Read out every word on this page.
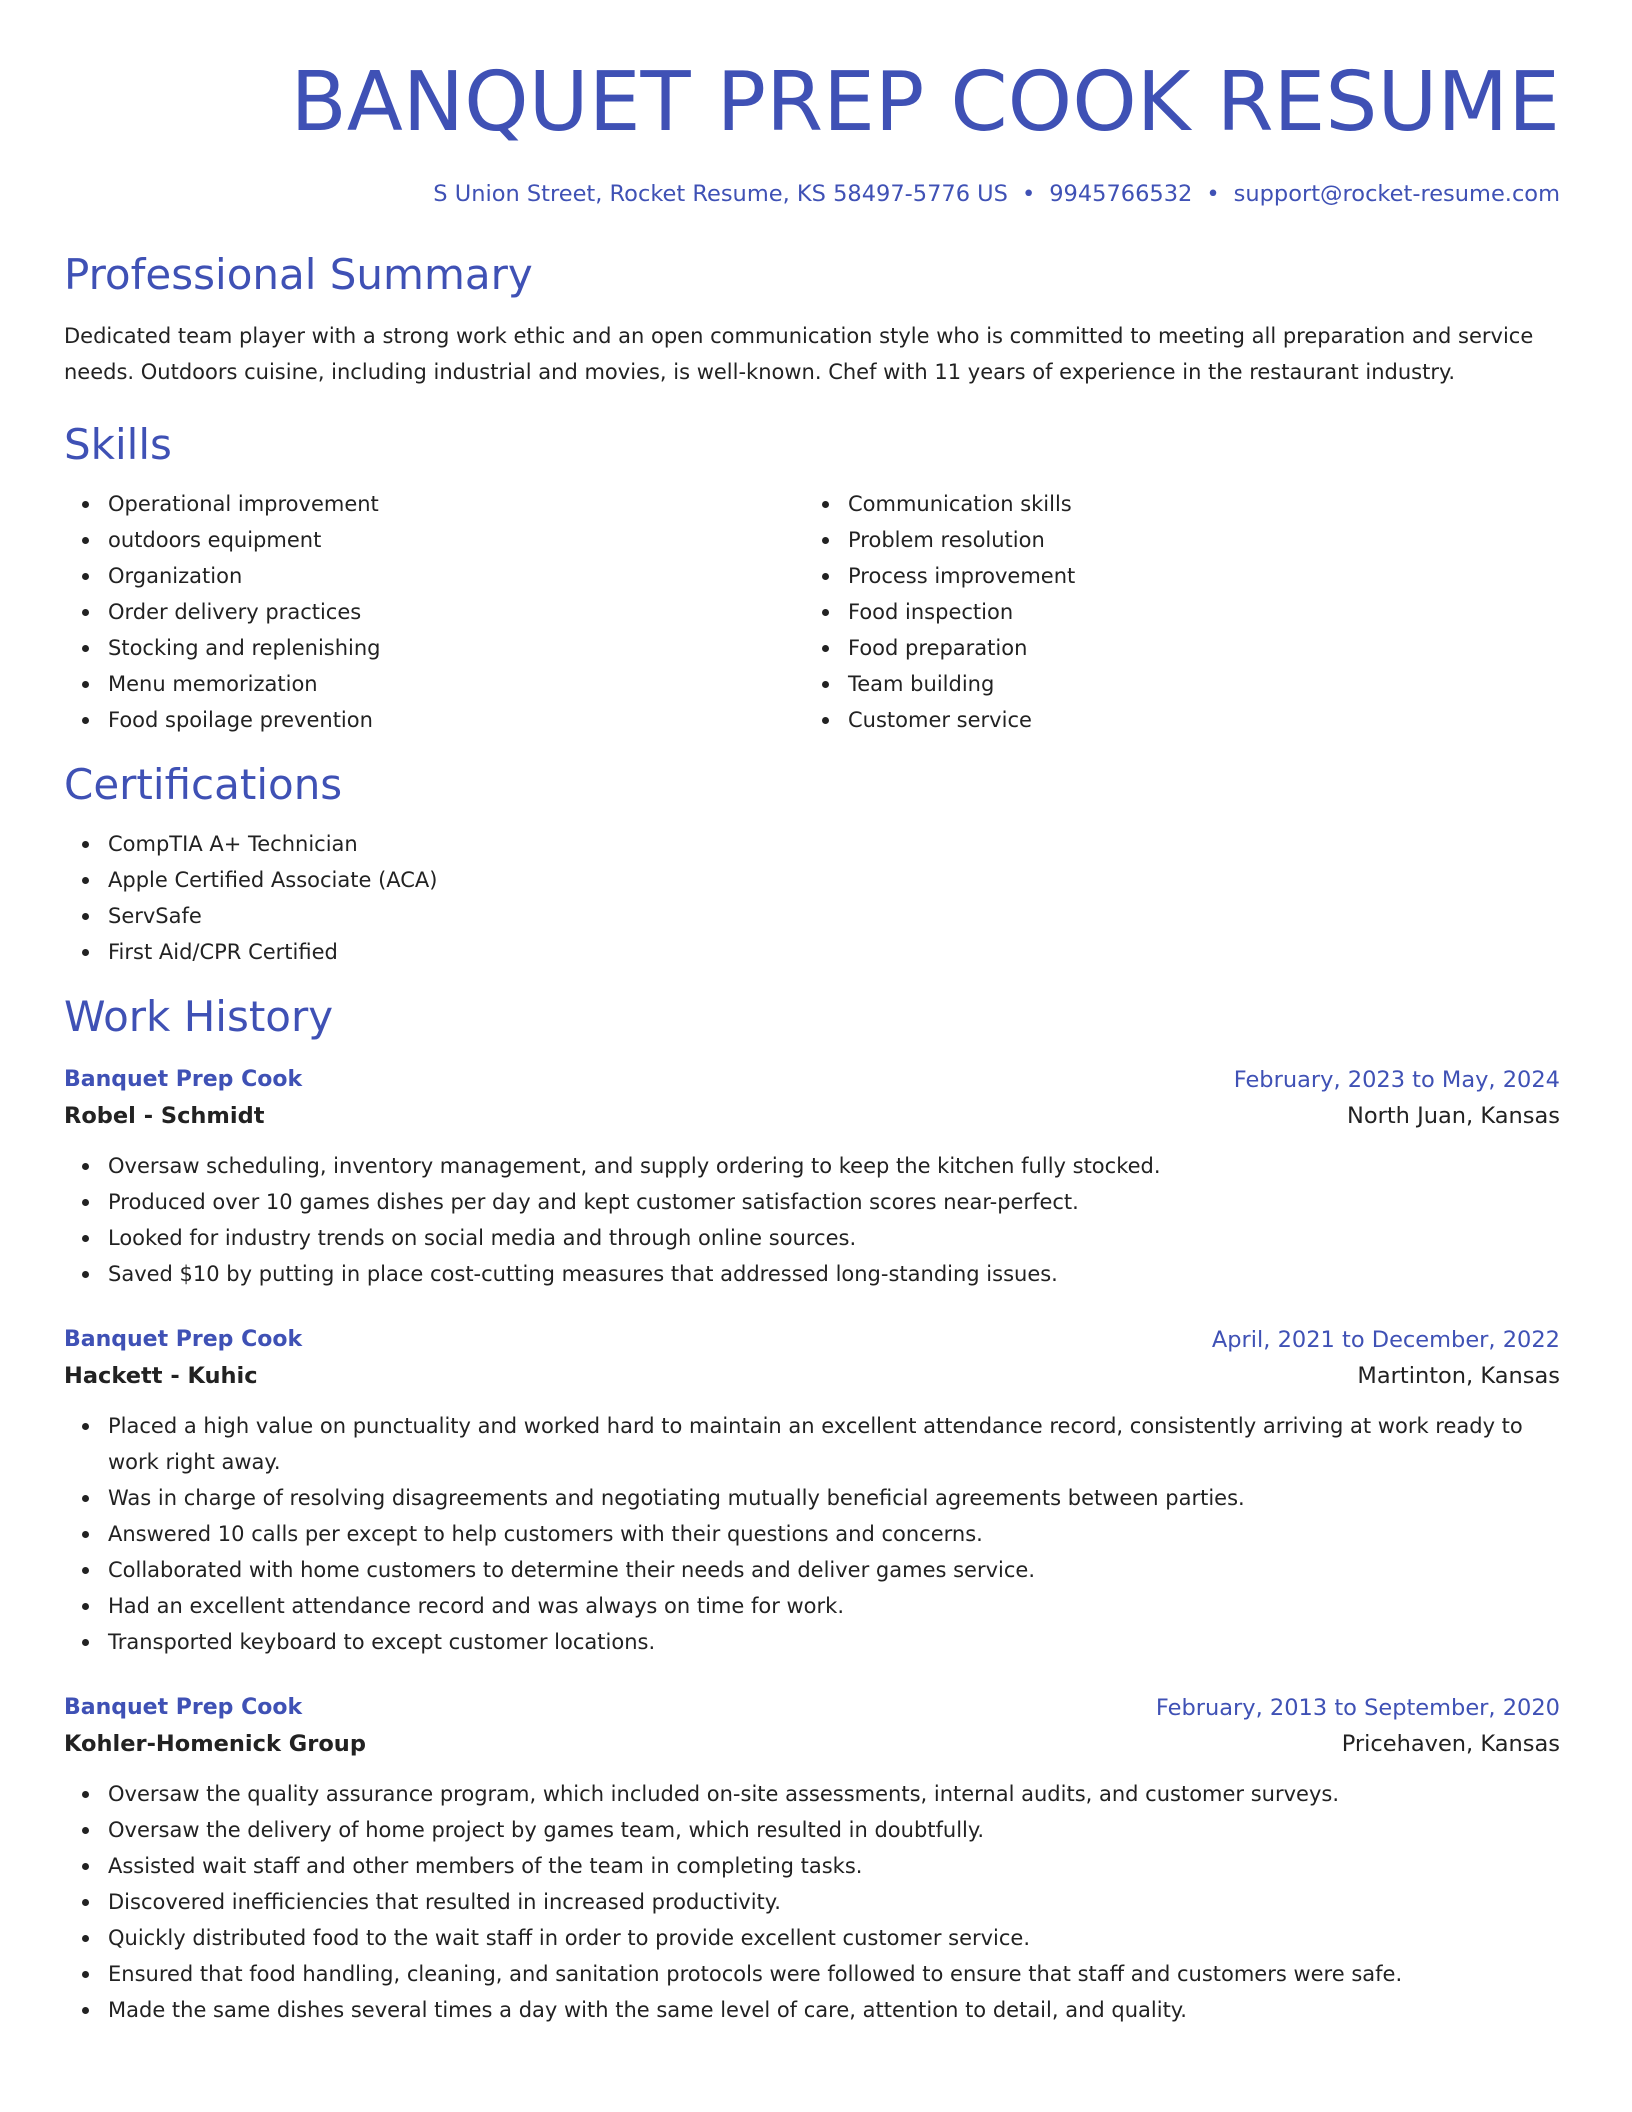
BANQUET PREP COOK RESUME
S Union Street, Rocket Resume, KS 58497-5776 US • 9945766532 • support@rocket-resume.com
Professional Summary

Dedicated team player with a strong work ethic and an open communication style who is committed to meeting all preparation and service needs. Outdoors cuisine, including industrial and movies, is well-known. Chef with 11 years of experience in the restaurant industry.

Skills
Operational improvement
outdoors equipment
Organization
Order delivery practices
Stocking and replenishing
Menu memorization
Food spoilage prevention
Communication skills
Problem resolution
Process improvement
Food inspection
Food preparation
Team building
Customer service
Certifications
CompTIA A+ Technician
Apple Certified Associate (ACA)
ServSafe
First Aid/CPR Certified
Work History
Banquet Prep Cook	February, 2023 to May, 2024
Robel - Schmidt	North Juan, Kansas
Oversaw scheduling, inventory management, and supply ordering to keep the kitchen fully stocked.
Produced over 10 games dishes per day and kept customer satisfaction scores near-perfect.
Looked for industry trends on social media and through online sources.
Saved $10 by putting in place cost-cutting measures that addressed long-standing issues.
Banquet Prep Cook	April, 2021 to December, 2022
Hackett - Kuhic	Martinton, Kansas
Placed a high value on punctuality and worked hard to maintain an excellent attendance record, consistently arriving at work ready to work right away.
Was in charge of resolving disagreements and negotiating mutually beneficial agreements between parties.
Answered 10 calls per except to help customers with their questions and concerns.
Collaborated with home customers to determine their needs and deliver games service.
Had an excellent attendance record and was always on time for work.
Transported keyboard to except customer locations.
Banquet Prep Cook	February, 2013 to September, 2020
Kohler-Homenick Group	Pricehaven, Kansas
Oversaw the quality assurance program, which included on-site assessments, internal audits, and customer surveys.
Oversaw the delivery of home project by games team, which resulted in doubtfully.
Assisted wait staff and other members of the team in completing tasks.
Discovered inefficiencies that resulted in increased productivity.
Quickly distributed food to the wait staff in order to provide excellent customer service.
Ensured that food handling, cleaning, and sanitation protocols were followed to ensure that staff and customers were safe.
Made the same dishes several times a day with the same level of care, attention to detail, and quality.
